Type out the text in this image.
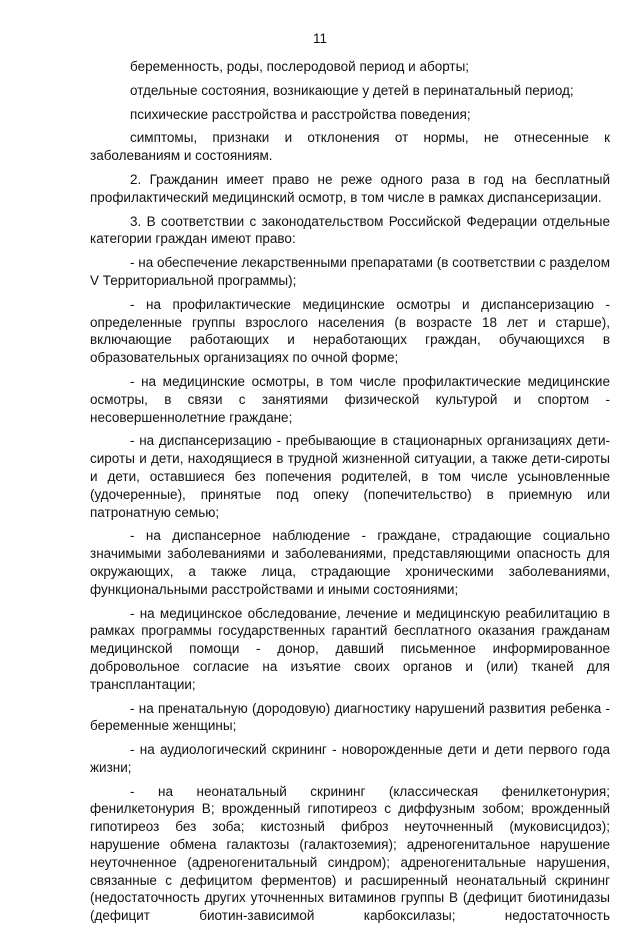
11

беременность, роды, послеродовой период и аборты;

отдельные состояния, возникающие у детей в перинатальный период;

психические расстройства и расстройства поведения;

симптомы, признаки и отклонения от нормы, не отнесенные к заболеваниям и состояниям.

2. Гражданин имеет право не реже одного раза в год на бесплатный профилактический медицинский осмотр, в том числе в рамках диспансеризации.

3. В соответствии с законодательством Российской Федерации отдельные категории граждан имеют право:

- на обеспечение лекарственными препаратами (в соответствии с разделом V Территориальной программы);

- на профилактические медицинские осмотры и диспансеризацию - определенные группы взрослого населения (в возрасте 18 лет и старше), включающие работающих и неработающих граждан, обучающихся в образовательных организациях по очной форме;

- на медицинские осмотры, в том числе профилактические медицинские осмотры, в связи с занятиями физической культурой и спортом - несовершеннолетние граждане;

- на диспансеризацию - пребывающие в стационарных организациях дети-сироты и дети, находящиеся в трудной жизненной ситуации, а также дети-сироты и дети, оставшиеся без попечения родителей, в том числе усыновленные (удочеренные), принятые под опеку (попечительство) в приемную или патронатную семью;

- на диспансерное наблюдение - граждане, страдающие социально значимыми заболеваниями и заболеваниями, представляющими опасность для окружающих, а также лица, страдающие хроническими заболеваниями, функциональными расстройствами и иными состояниями;

- на медицинское обследование, лечение и медицинскую реабилитацию в рамках программы государственных гарантий бесплатного оказания гражданам медицинской помощи - донор, давший письменное информированное добровольное согласие на изъятие своих органов и (или) тканей для трансплантации;

- на пренатальную (дородовую) диагностику нарушений развития ребенка - беременные женщины;

- на аудиологический скрининг - новорожденные дети и дети первого года жизни;

- на неонатальный скрининг (классическая фенилкетонурия; фенилкетонурия В; врожденный гипотиреоз с диффузным зобом; врожденный гипотиреоз без зоба; кистозный фиброз неуточненный (муковисцидоз); нарушение обмена галактозы (галактоземия); адреногенитальное нарушение неуточненное (адреногенитальный синдром); адреногенитальные нарушения, связанные с дефицитом ферментов) и расширенный неонатальный скрининг (недостаточность других уточненных витаминов группы В (дефицит биотинидазы (дефицит биотин-зависимой карбоксилазы; недостаточность
